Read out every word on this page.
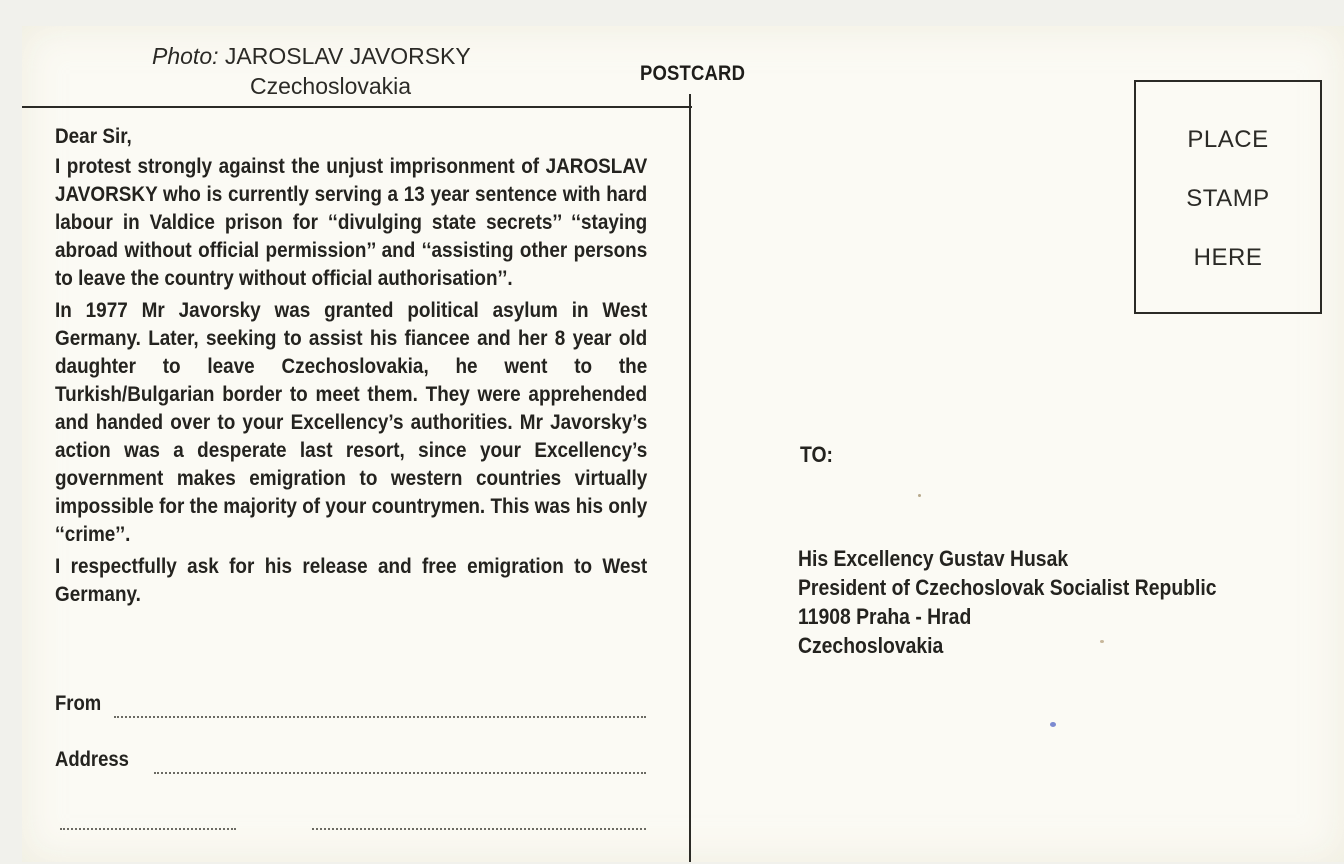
Photo: JAROSLAV JAVORSKY
Czechoslovakia	POSTCARD

Dear Sir,

I protest strongly against the unjust imprisonment of JAROSLAV JAVORSKY who is currently serving a 13 year sentence with hard labour in Valdice prison for ‘‘divulging state secrets’’ ‘‘staying abroad without official permission’’ and ‘‘assisting other persons to leave the country without official authorisation’’.

In 1977 Mr Javorsky was granted political asylum in West Germany. Later, seeking to assist his fiancee and her 8 year old daughter to leave Czechoslovakia, he went to the Turkish/Bulgarian border to meet them. They were apprehended and handed over to your Excellency’s authorities. Mr Javorsky’s action was a desperate last resort, since your Excellency’s government makes emigration to western countries virtually impossible for the majority of your countrymen. This was his only ‘‘crime’’.

I respectfully ask for his release and free emigration to West Germany.

From
Address
PLACE
STAMP
HERE
TO:
His Excellency Gustav Husak
President of Czechoslovak Socialist Republic
11908 Praha - Hrad
Czechoslovakia
